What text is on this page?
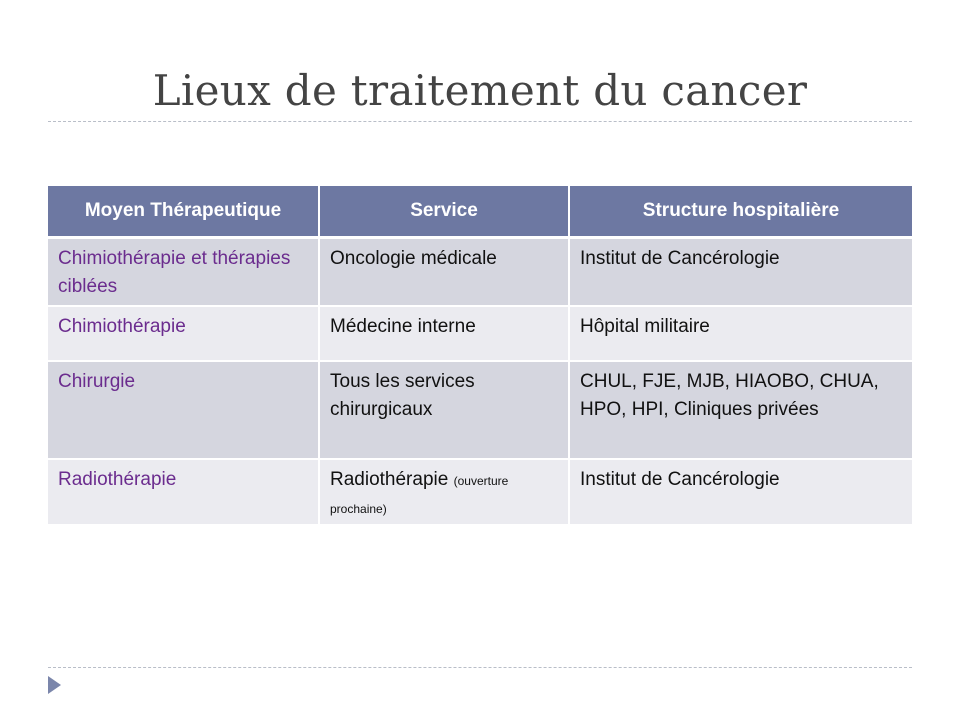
Lieux de traitement du cancer
Moyen Thérapeutique	Service	Structure hospitalière
Chimiothérapie et thérapies ciblées	Oncologie médicale	Institut de Cancérologie
Chimiothérapie	Médecine interne	Hôpital militaire
Chirurgie	Tous les services chirurgicaux	CHUL, FJE, MJB, HIAOBO, CHUA, HPO, HPI, Cliniques privées
Radiothérapie	Radiothérapie (ouverture prochaine)	Institut de Cancérologie
